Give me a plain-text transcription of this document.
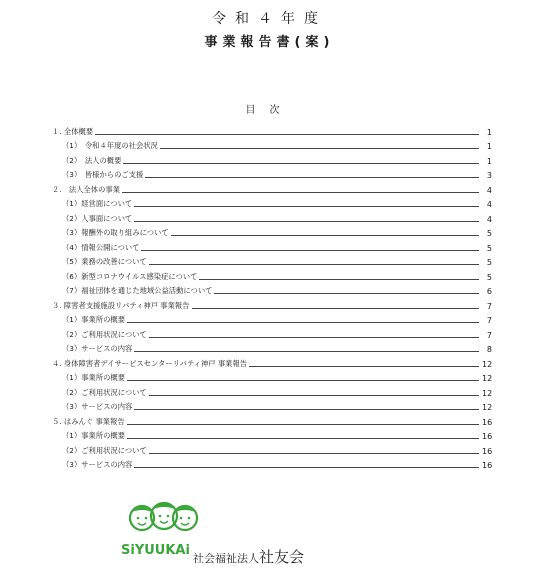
令和４年度
事業報告書(案)
目次
１. 全体概要	1
（1）　令和４年度の社会状況	1
（2）　法人の概要	1
（3）　皆様からのご支援	3
２.　法人全体の事業	4
（1）経営面について	4
（2）人事面について	4
（3）報酬外の取り組みについて	5
（4）情報公開について	5
（5）業務の改善について	5
（6）新型コロナウイルス感染症について	5
（7）福祉団体を通じた地域公益活動について	6
３. 障害者支援施設リバティ神戸 事業報告	7
（1）事業所の概要	7
（2）ご利用状況について	7
（3）サービスの内容	8
４. 身体障害者デイサービスセンターリバティ神戸 事業報告	12
（1）事業所の概要	12
（2）ご利用状況について	12
（3）サービスの内容	12
５. はみんぐ 事業報告	16
（1）事業所の概要	16
（2）ご利用状況について	16
（3）サービスの内容	16
SiYUUKAi
社会福祉法人社友会
